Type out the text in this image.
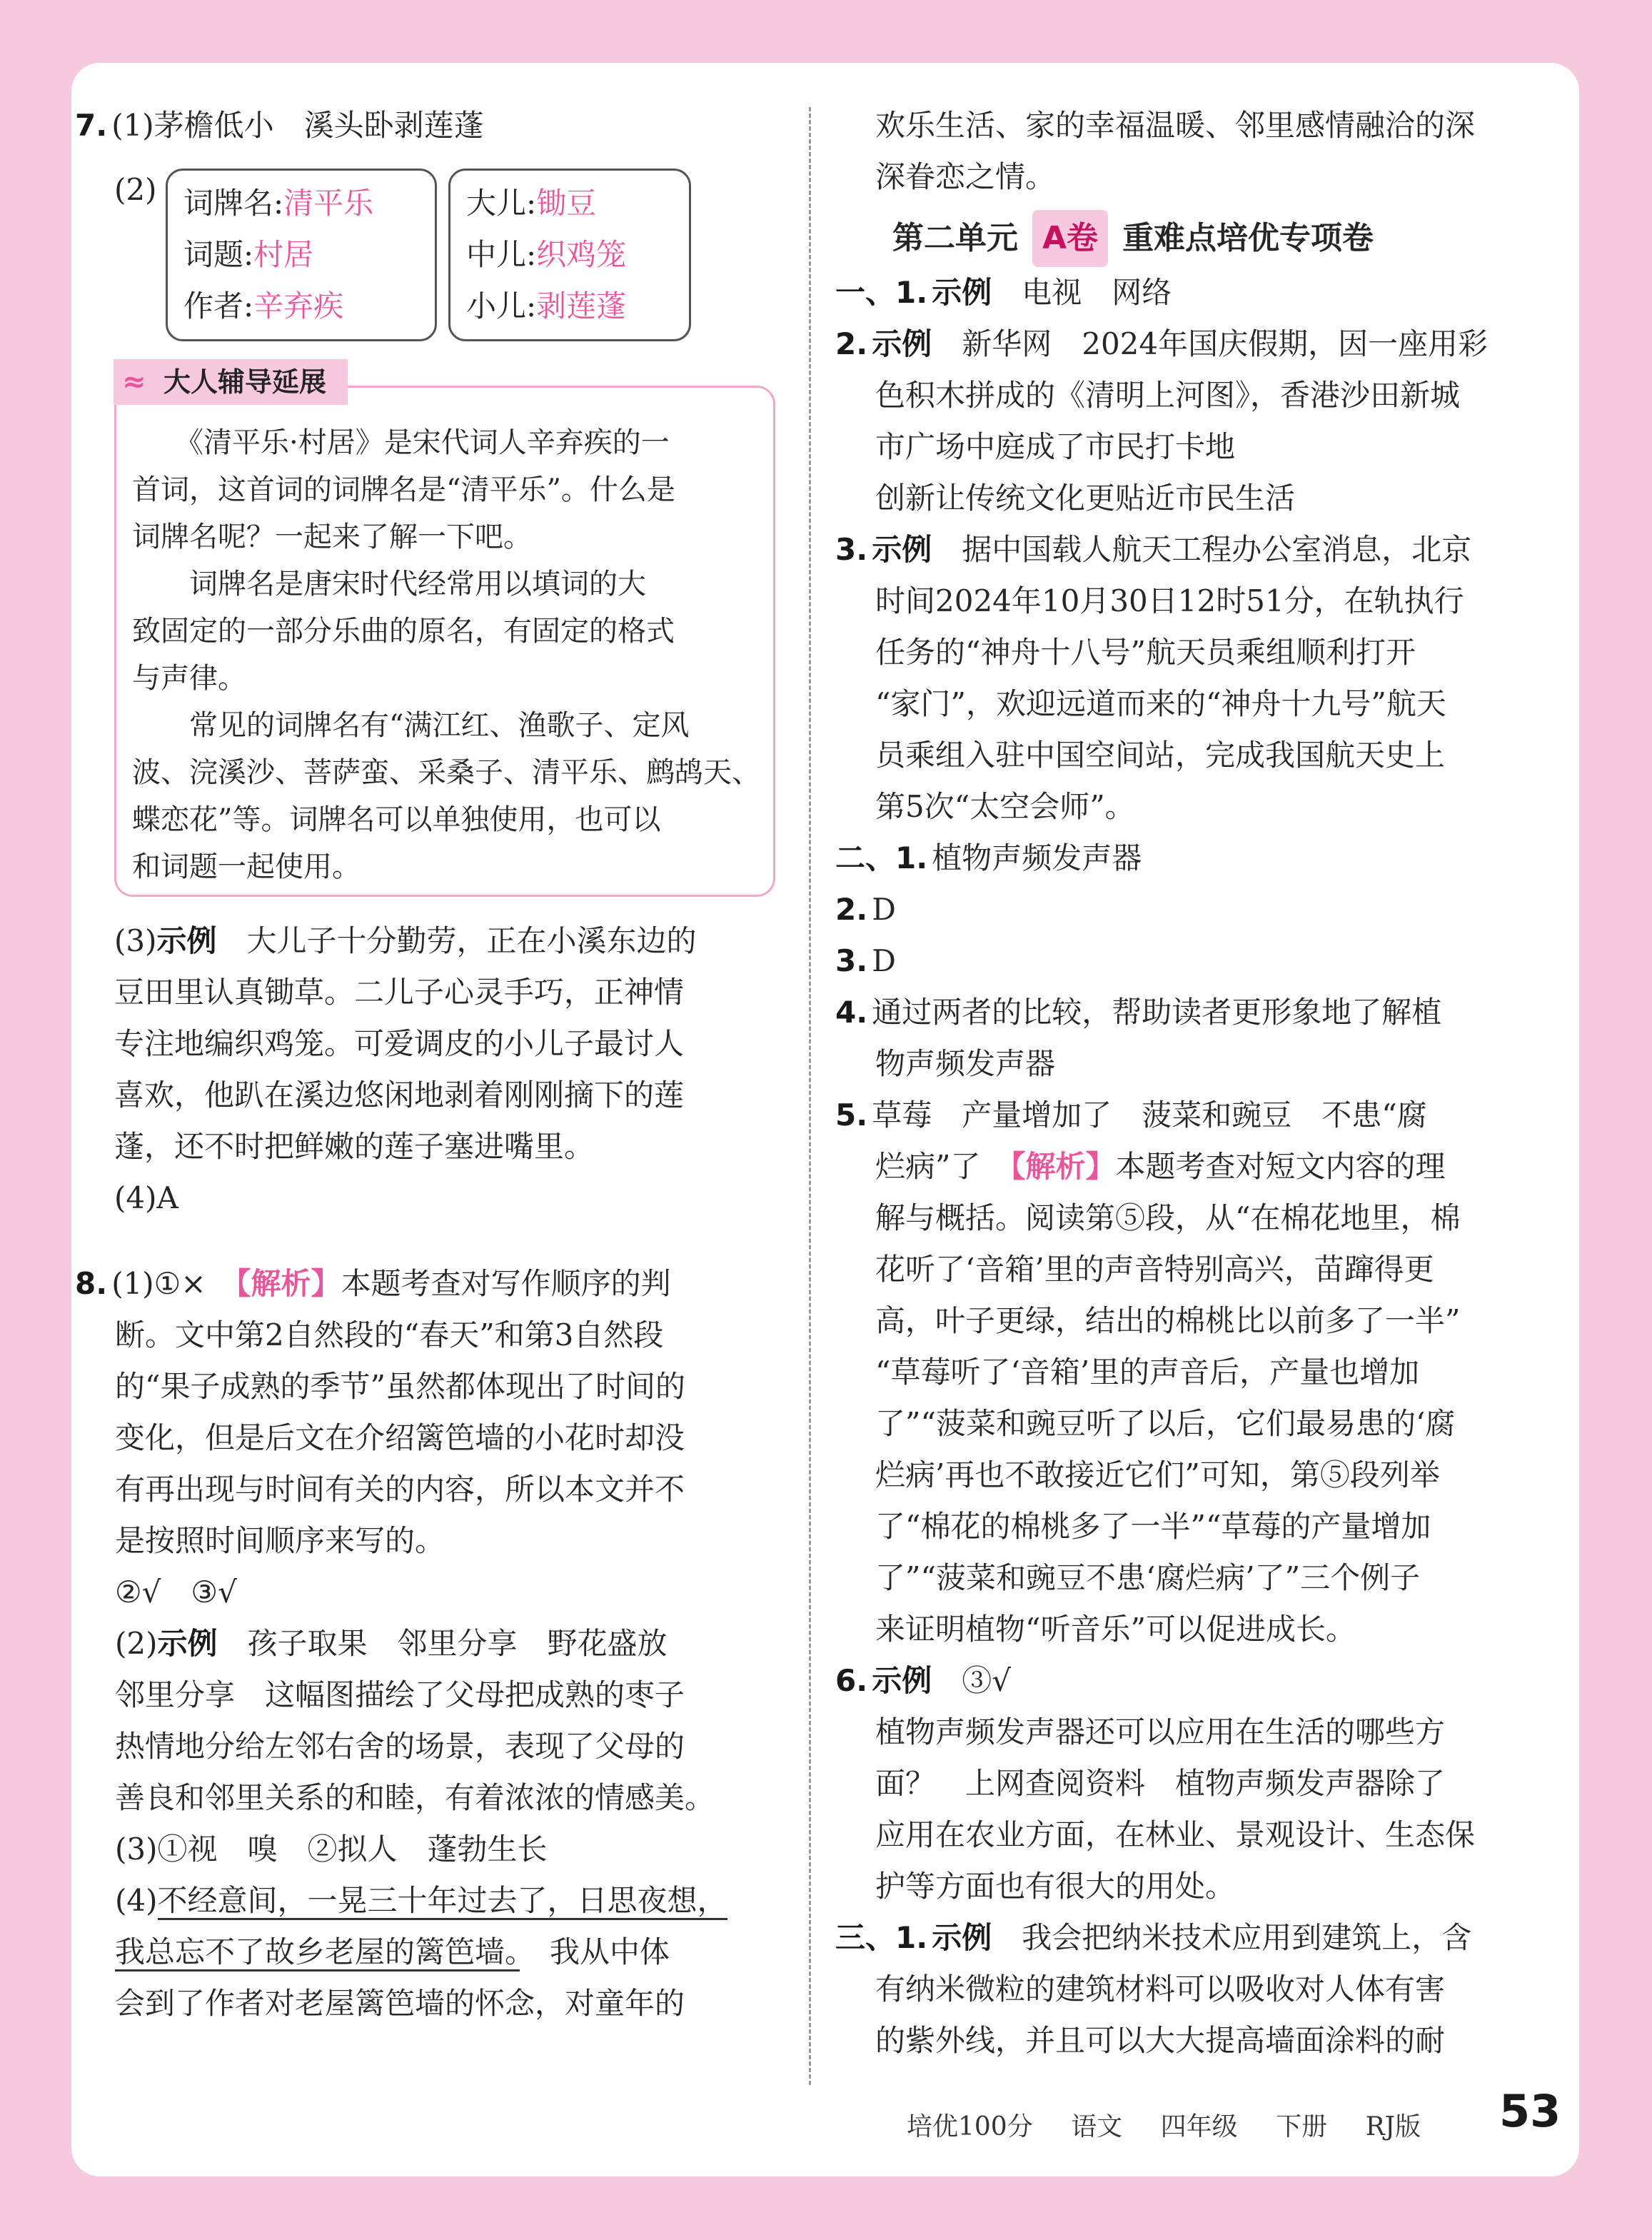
7. (1)茅檐低小　溪头卧剥莲蓬

(2) 词牌名:清平乐
词题:村居
作者:辛弃疾
大儿:锄豆
中儿:织鸡笼
小儿:剥莲蓬
≈ 大人辅导延展

　　《清平乐·村居》是宋代词人辛弃疾的一

首词，这首词的词牌名是“清平乐”。什么是

词牌名呢？一起来了解一下吧。

　　词牌名是唐宋时代经常用以填词的大

致固定的一部分乐曲的原名，有固定的格式

与声律。

　　常见的词牌名有“满江红、渔歌子、定风

波、浣溪沙、菩萨蛮、采桑子、清平乐、鹧鸪天、

蝶恋花”等。词牌名可以单独使用，也可以

和词题一起使用。

(3)示例　 大儿子十分勤劳，正在小溪东边的

豆田里认真锄草。二儿子心灵手巧，正神情

专注地编织鸡笼。可爱调皮的小儿子最讨人

喜欢，他趴在溪边悠闲地剥着刚刚摘下的莲

蓬，还不时把鲜嫩的莲子塞进嘴里。

(4)A

8. (1)①×　 【解析】本题考查对写作顺序的判

断。文中第2自然段的“春天”和第3自然段

的“果子成熟的季节”虽然都体现出了时间的

变化，但是后文在介绍篱笆墙的小花时却没

有再出现与时间有关的内容，所以本文并不

是按照时间顺序来写的。

②√　③√

(2)示例　 孩子取果　邻里分享　野花盛放

邻里分享　这幅图描绘了父母把成熟的枣子

热情地分给左邻右舍的场景，表现了父母的

善良和邻里关系的和睦，有着浓浓的情感美。

(3)①视　嗅　②拟人　蓬勃生长

(4)不经意间，一晃三十年过去了，日思夜想，

我总忘不了故乡老屋的篱笆墙。　我从中体

会到了作者对老屋篱笆墙的怀念，对童年的

欢乐生活、家的幸福温暖、邻里感情融洽的深

深眷恋之情。

第二单元 A卷 重难点培优专项卷

一、1. 示例　 电视　网络

2. 示例　 新华网　2024年国庆假期，因一座用彩

色积木拼成的《清明上河图》，香港沙田新城

市广场中庭成了市民打卡地

创新让传统文化更贴近市民生活

3. 示例　 据中国载人航天工程办公室消息，北京

时间2024年10月30日12时51分，在轨执行

任务的“神舟十八号”航天员乘组顺利打开

“家门”，欢迎远道而来的“神舟十九号”航天

员乘组入驻中国空间站，完成我国航天史上

第5次“太空会师”。

二、1. 植物声频发声器

2. D

3. D

4. 通过两者的比较，帮助读者更形象地了解植

物声频发声器

5. 草莓　产量增加了　菠菜和豌豆　不患“腐

烂病”了　【解析】本题考查对短文内容的理

解与概括。阅读第⑤段，从“在棉花地里，棉

花听了‘音箱’里的声音特别高兴，苗蹿得更

高，叶子更绿，结出的棉桃比以前多了一半”

“草莓听了‘音箱’里的声音后，产量也增加

了”“菠菜和豌豆听了以后，它们最易患的‘腐

烂病’再也不敢接近它们”可知，第⑤段列举

了“棉花的棉桃多了一半”“草莓的产量增加

了”“菠菜和豌豆不患‘腐烂病’了”三个例子

来证明植物“听音乐”可以促进成长。

6. 示例　 ③√

植物声频发声器还可以应用在生活的哪些方

面？　上网查阅资料　植物声频发声器除了

应用在农业方面，在林业、景观设计、生态保

护等方面也有很大的用处。

三、1. 示例　 我会把纳米技术应用到建筑上，含

有纳米微粒的建筑材料可以吸收对人体有害

的紫外线，并且可以大大提高墙面涂料的耐

培优100分 语文 四年级 下册 RJ版	53
